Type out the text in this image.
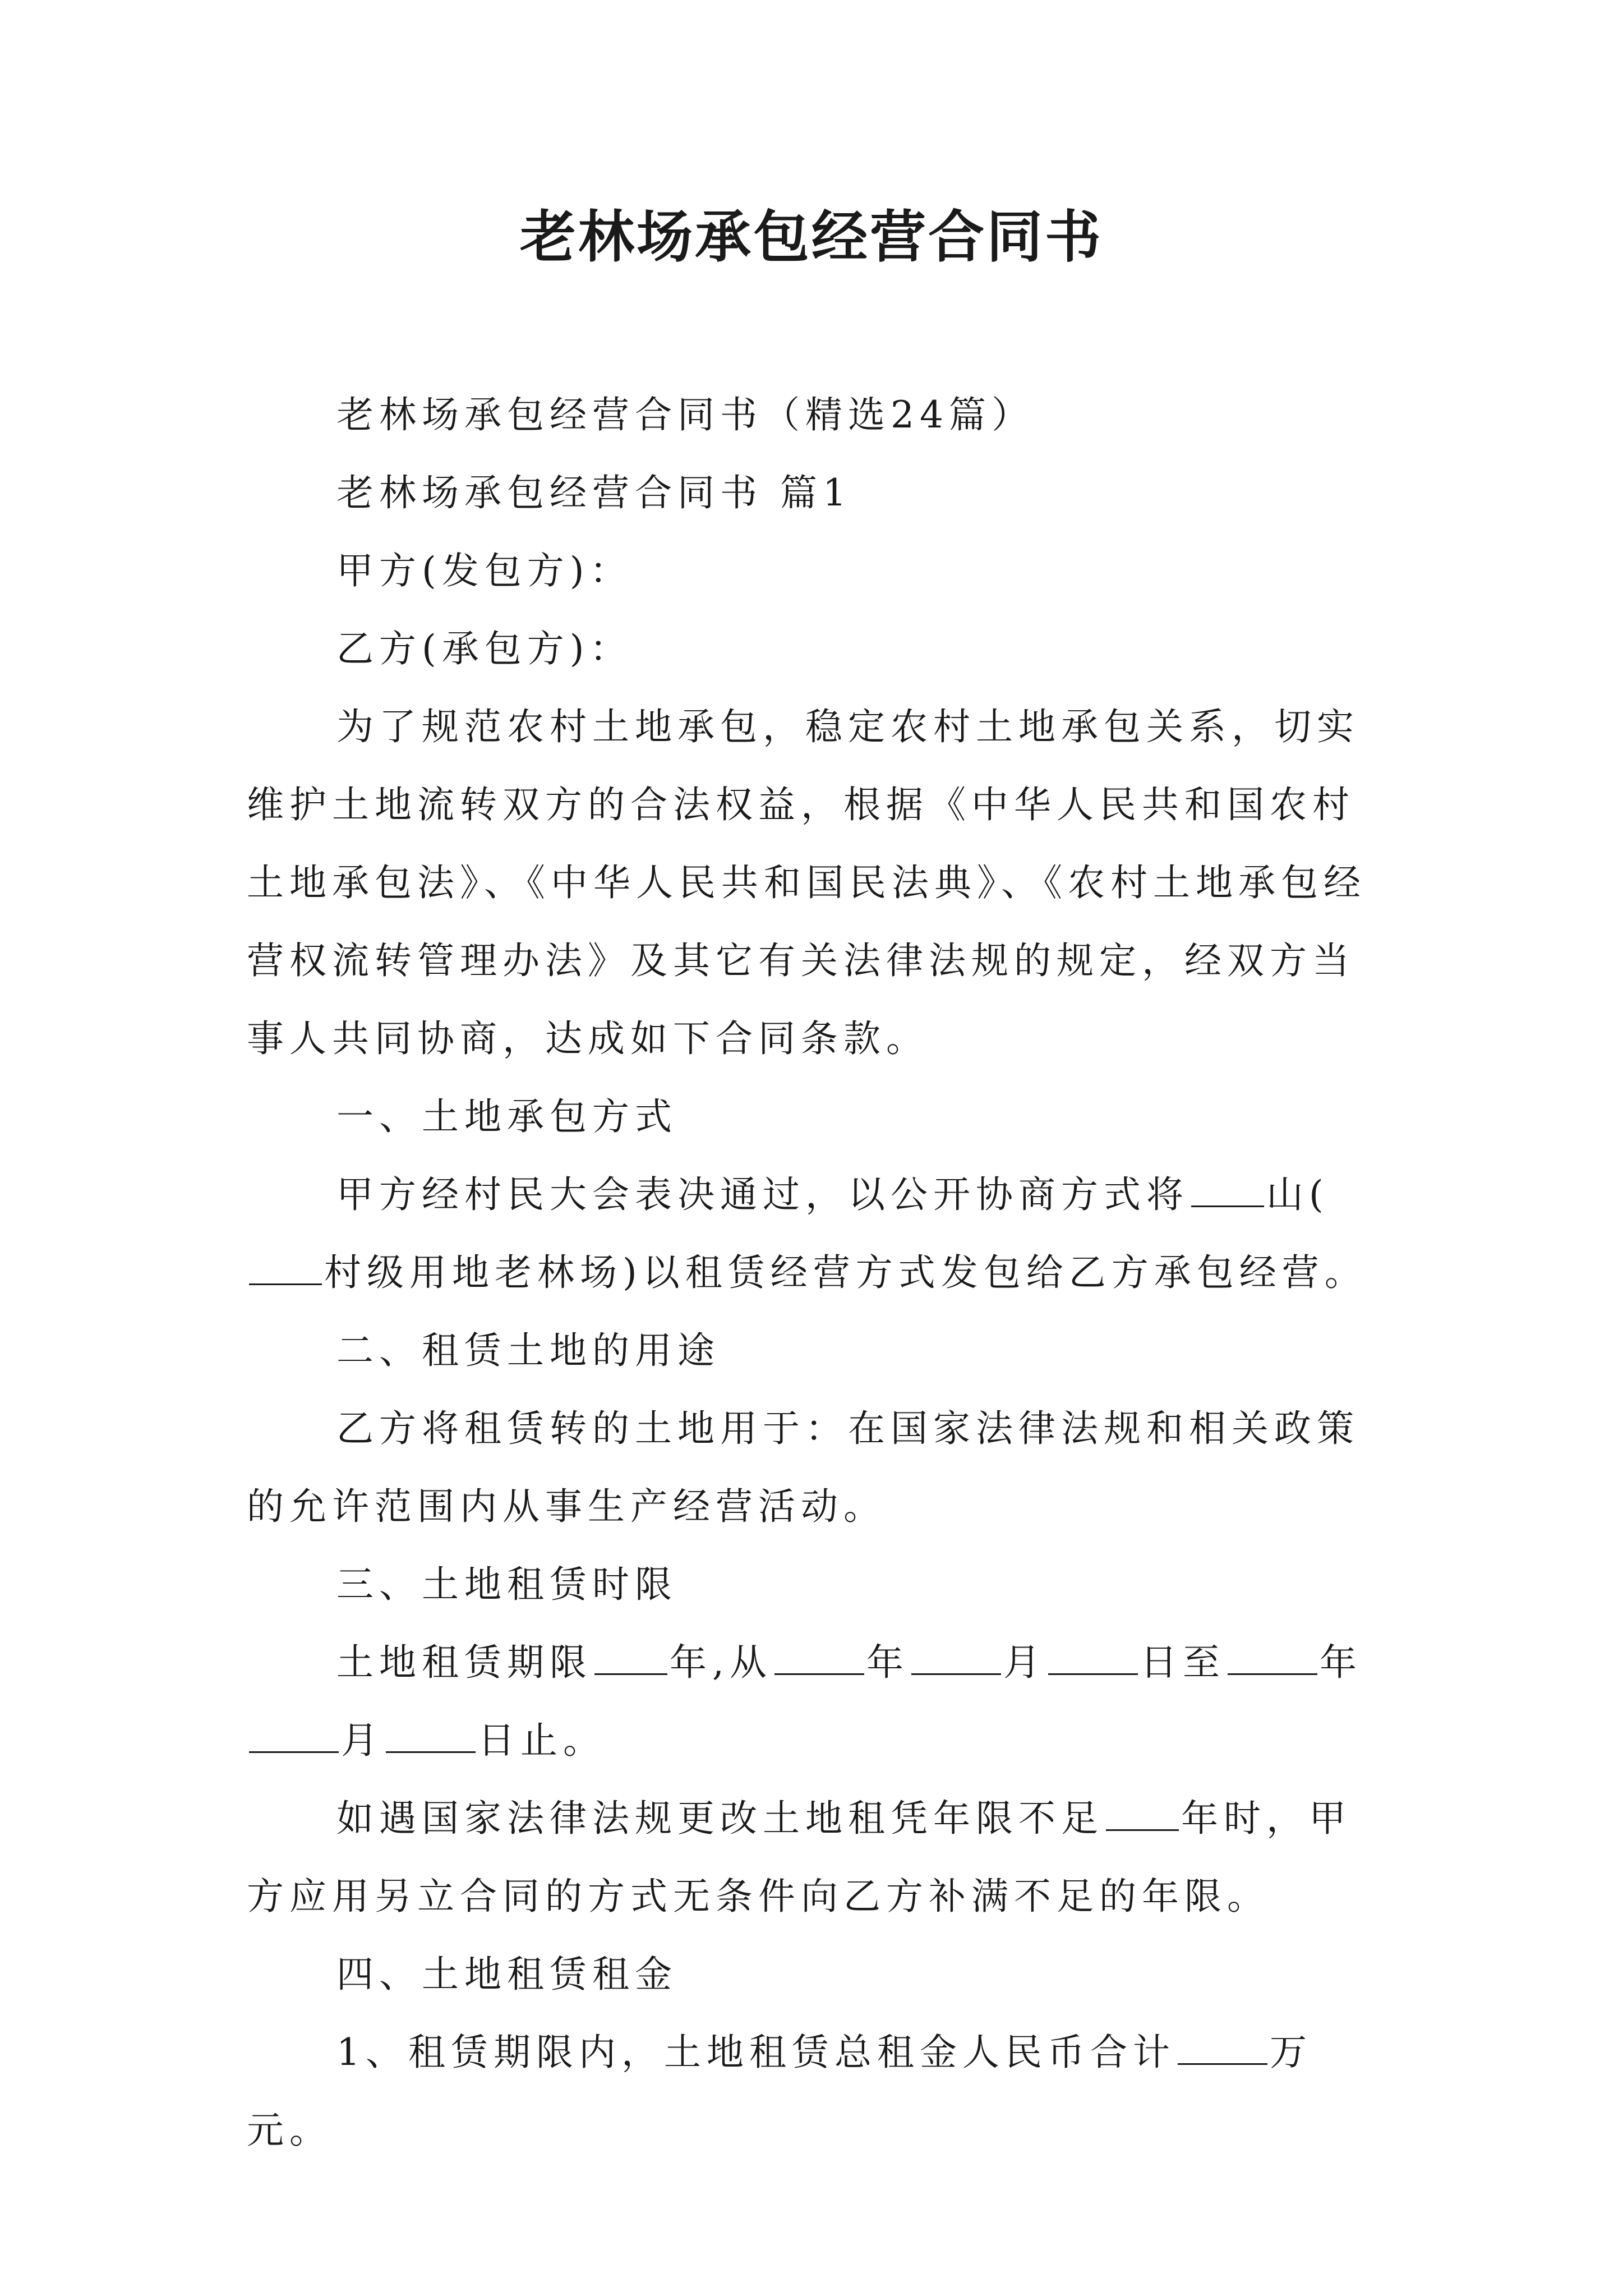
老林场承包经营合同书

老林场承包经营合同书（精选24篇）

老林场承包经营合同书 篇1

甲方(发包方)：

乙方(承包方)：

为了规范农村土地承包，稳定农村土地承包关系，切实维护土地流转双方的合法权益，根据《中华人民共和国农村土地承包法》、《中华人民共和国民法典》、《农村土地承包经营权流转管理办法》及其它有关法律法规的规定，经双方当事人共同协商，达成如下合同条款。

一、土地承包方式

甲方经村民大会表决通过，以公开协商方式将 山(村级用地老林场)以租赁经营方式发包给乙方承包经营。

二、租赁土地的用途

乙方将租赁转的土地用于：在国家法律法规和相关政策的允许范围内从事生产经营活动。

三、土地租赁时限

土地租赁期限 年,从	年	月	日至	年月	日止。

如遇国家法律法规更改土地租凭年限不足 年时，甲方应用另立合同的方式无条件向乙方补满不足的年限。

四、土地租赁租金

1、租赁期限内，土地租赁总租金人民币合计	万元。
